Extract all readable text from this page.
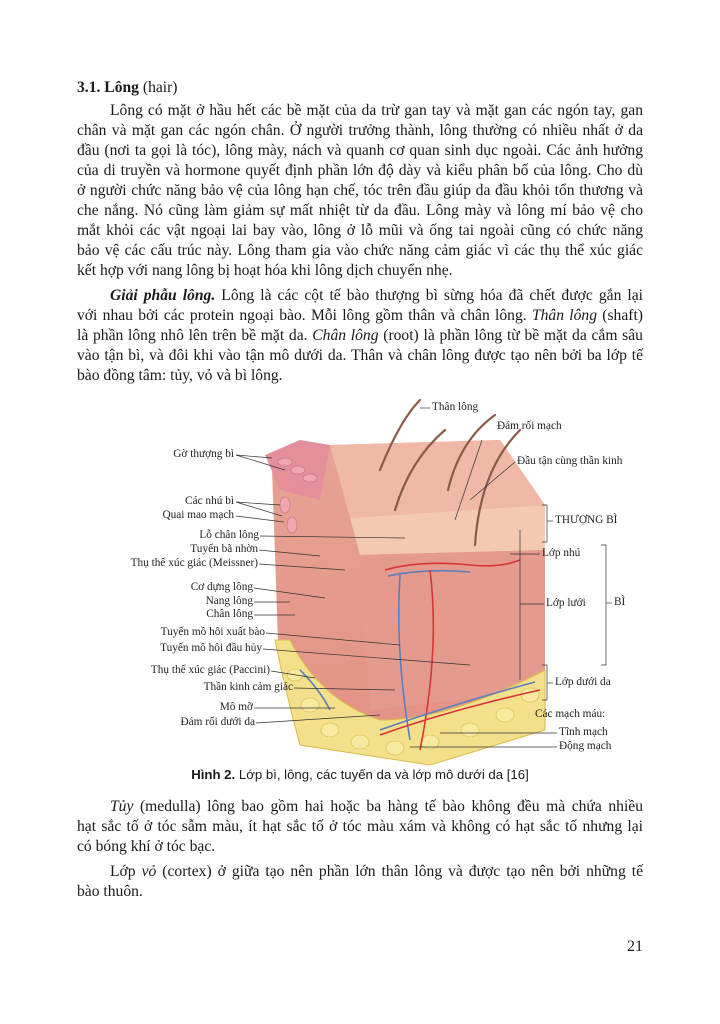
3.1. Lông (hair)
Lông có mặt ở hầu hết các bề mặt của da trừ gan tay và mặt gan các ngón tay, gan
chân và mặt gan các ngón chân. Ở người trưởng thành, lông thường có nhiều nhất ở da
đầu (nơi ta gọi là tóc), lông mày, nách và quanh cơ quan sinh dục ngoài. Các ảnh hưởng
của di truyền và hormone quyết định phần lớn độ dày và kiểu phân bố của lông. Cho dù
ở người chức năng bảo vệ của lông hạn chế, tóc trên đầu giúp da đầu khỏi tổn thương và
che nắng. Nó cũng làm giảm sự mất nhiệt từ da đầu. Lông mày và lông mí bảo vệ cho
mắt khỏi các vật ngoại lai bay vào, lông ở lỗ mũi và ống tai ngoài cũng có chức năng
bảo vệ các cấu trúc này. Lông tham gia vào chức năng cảm giác vì các thụ thể xúc giác
kết hợp với nang lông bị hoạt hóa khi lông dịch chuyển nhẹ.
Giải phẫu lông. Lông là các cột tế bào thượng bì sừng hóa đã chết được gắn lại
với nhau bởi các protein ngoại bào. Mỗi lông gồm thân và chân lông. Thân lông (shaft)
là phần lông nhô lên trên bề mặt da. Chân lông (root) là phần lông từ bề mặt da cắm sâu
vào tận bì, và đôi khi vào tận mô dưới da. Thân và chân lông được tạo nên bởi ba lớp tế
bào đồng tâm: tủy, vỏ và bì lông.
Gờ thượng bì
Các nhú bì
Quai mao mạch
Lỗ chân lông
Tuyến bã nhờn
Thụ thể xúc giác (Meissner)
Cơ dựng lông
Nang lông
Chân lông
Tuyến mồ hôi xuất bào
Tuyến mồ hôi đầu hủy
Thụ thể xúc giác (Paccini)
Thần kinh cảm giác
Mô mỡ
Đám rối dưới da
Thân lông
Đám rối mạch
Đầu tận cùng thần kinh
THƯỢNG BÌ
Lớp nhú
Lớp lưới	BÌ
Lớp dưới da
Các mạch máu:
Tĩnh mạch
Động mạch
Hình 2. Lớp bì, lông, các tuyến da và lớp mô dưới da [16]
Tủy (medulla) lông bao gồm hai hoặc ba hàng tế bào không đều mà chứa nhiều
hạt sắc tố ở tóc sẫm màu, ít hạt sắc tố ở tóc màu xám và không có hạt sắc tố nhưng lại
có bóng khí ở tóc bạc.
Lớp vỏ (cortex) ở giữa tạo nên phần lớn thân lông và được tạo nên bởi những tế
bào thuôn.
21
